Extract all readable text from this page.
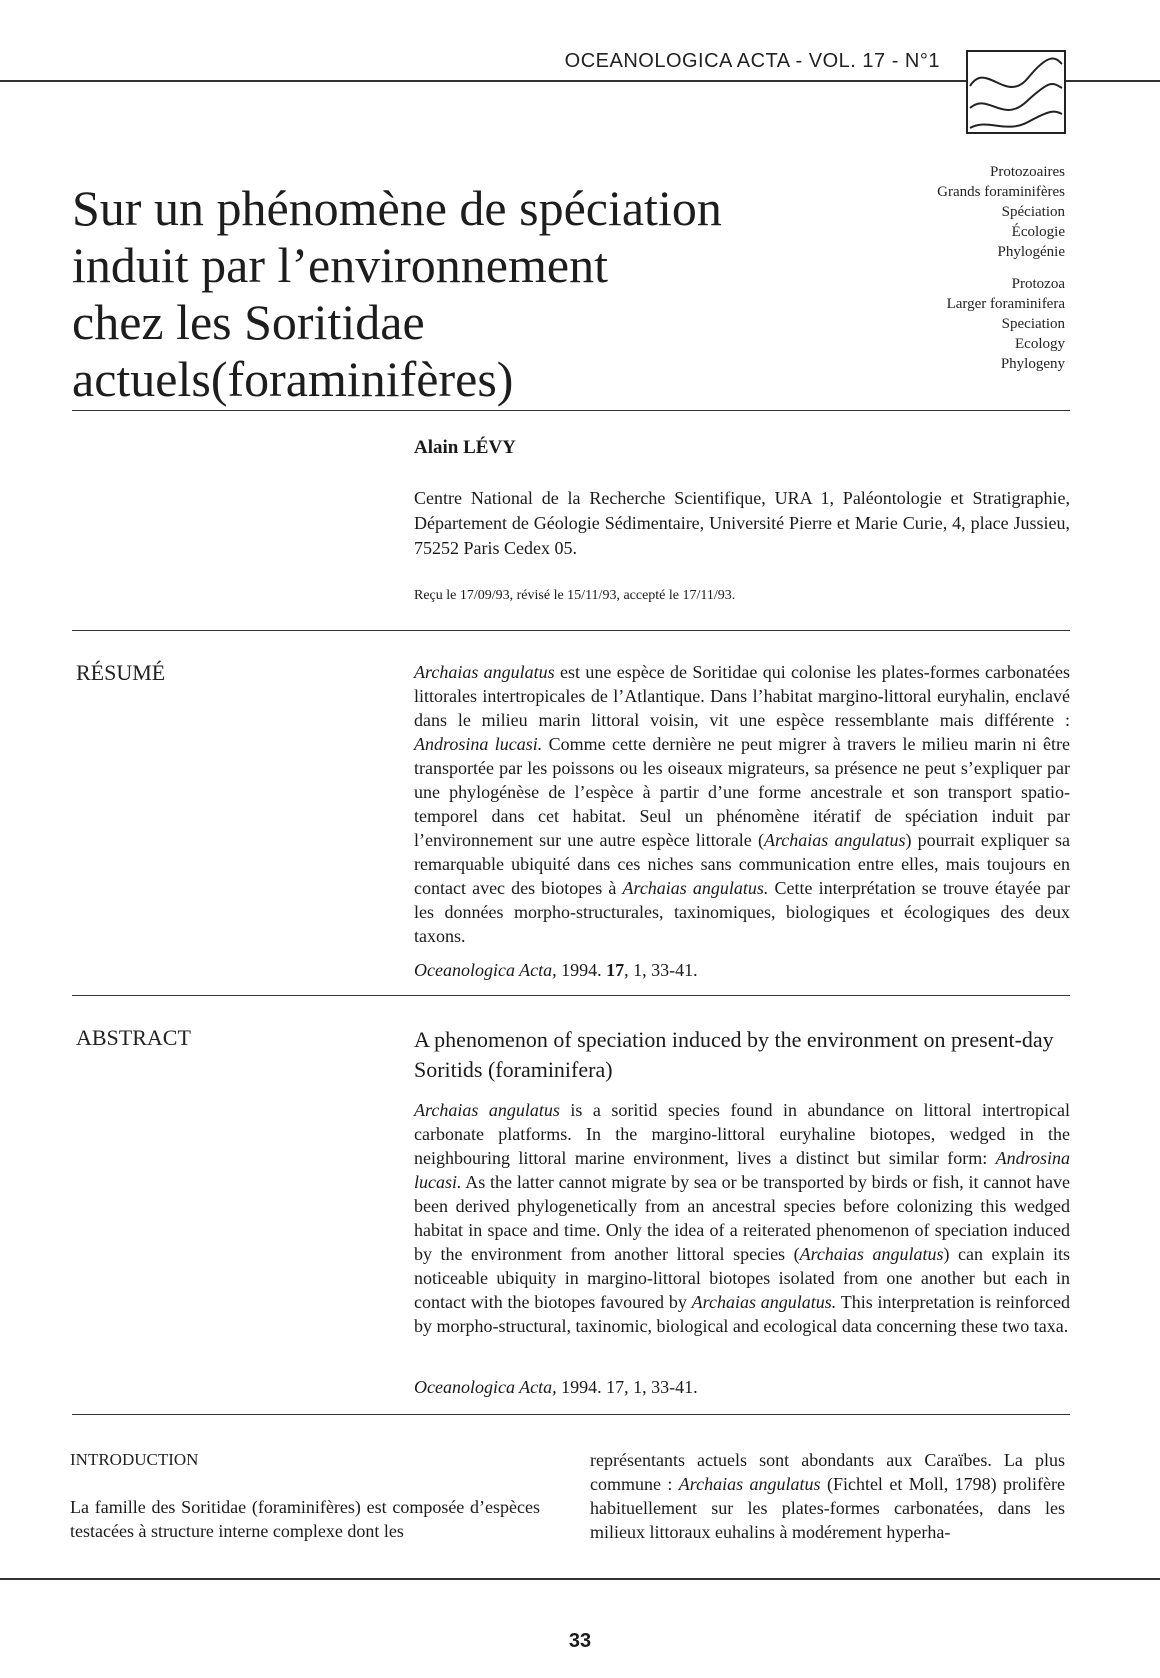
OCEANOLOGICA ACTA - VOL. 17 - N°1
Sur un phénomène de spéciation
induit par l’environnement
chez les Soritidae actuels(foraminifères)
Protozoaires
Grands foraminifères
Spéciation
Écologie
Phylogénie
Protozoa
Larger foraminifera
Speciation
Ecology
Phylogeny
Alain LÉVY
Centre National de la Recherche Scientifique, URA 1, Paléontologie et Stratigraphie, Département de Géologie Sédimentaire, Université Pierre et Marie Curie, 4, place Jussieu, 75252 Paris Cedex 05.
Reçu le 17/09/93, révisé le 15/11/93, accepté le 17/11/93.
RÉSUMÉ	Archaias angulatus est une espèce de Soritidae qui colonise les plates-formes carbonatées littorales intertropicales de l’Atlantique. Dans l’habitat margino-littoral euryhalin, enclavé dans le milieu marin littoral voisin, vit une espèce ressemblante mais différente : Androsina lucasi. Comme cette dernière ne peut migrer à travers le milieu marin ni être transportée par les poissons ou les oiseaux migrateurs, sa présence ne peut s’expliquer par une phylogénèse de l’espèce à partir d’une forme ancestrale et son transport spatio-temporel dans cet habitat. Seul un phénomène itératif de spéciation induit par l’environnement sur une autre espèce littorale (Archaias angulatus) pourrait expliquer sa remarquable ubiquité dans ces niches sans communication entre elles, mais toujours en contact avec des biotopes à Archaias angulatus. Cette interprétation se trouve étayée par les données morpho-structurales, taxinomiques, biologiques et écologiques des deux taxons.
Oceanologica Acta, 1994. 17, 1, 33-41.
ABSTRACT	A phenomenon of speciation induced by the environment on present-day Soritids (foraminifera)
Archaias angulatus is a soritid species found in abundance on littoral intertropical carbonate platforms. In the margino-littoral euryhaline biotopes, wedged in the neighbouring littoral marine environment, lives a distinct but similar form: Androsina lucasi. As the latter cannot migrate by sea or be transported by birds or fish, it cannot have been derived phylogenetically from an ancestral species before colonizing this wedged habitat in space and time. Only the idea of a reiterated phenomenon of speciation induced by the environment from another littoral species (Archaias angulatus) can explain its noticeable ubiquity in margino-littoral biotopes isolated from one another but each in contact with the biotopes favoured by Archaias angulatus. This interpretation is reinforced by morpho-structural, taxinomic, biological and ecological data concerning these two taxa.
Oceanologica Acta, 1994. 17, 1, 33-41.
INTRODUCTION
La famille des Soritidae (foraminifères) est composée d’espèces testacées à structure interne complexe dont les
représentants actuels sont abondants aux Caraïbes. La plus commune : Archaias angulatus (Fichtel et Moll, 1798) prolifère habituellement sur les plates-formes carbonatées, dans les milieux littoraux euhalins à modérement hyperha-
33
